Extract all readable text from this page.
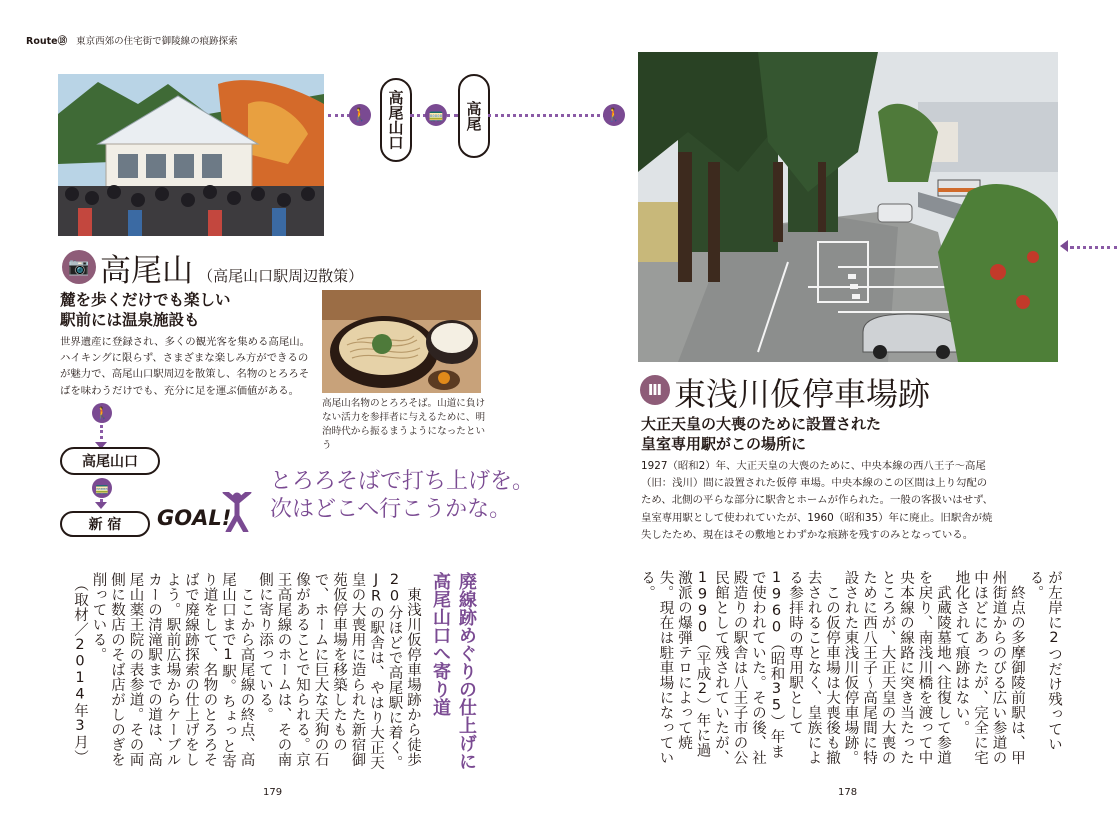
Route⑱ 東京西郊の住宅街で御陵線の痕跡探索
🚶 高尾山口 🚃 高尾	🚶
📷 高尾山 （高尾山口駅周辺散策）
麓を歩くだけでも楽しい
駅前には温泉施設も
世界遺産に登録され、多くの観光客を集める高尾山。ハイキングに限らず、さまざまな楽しみ方ができるのが魅力で、高尾山口駅周辺を散策し、名物のとろろそばを味わうだけでも、充分に足を運ぶ価値がある。
高尾山名物のとろろそば。山道に負けない活力を参拝者に与えるために、明治時代から振るまうようになったという
🚶
高尾山口
🚃
新 宿 GOAL!
とろろそばで打ち上げを。
次はどこへ行こうかな。
廃線跡めぐりの仕上げに
高尾山口へ寄り道

　東浅川仮停車場跡から徒歩20分ほどで高尾駅に着く。JRの駅舎は、やはり大正天皇の大喪用に造られた新宿御苑仮停車場を移築したもので、ホームに巨大な天狗の石像があることで知られる。京王高尾線のホームは、その南側に寄り添っている。

　ここから高尾線の終点、高尾山口まで1駅。ちょっと寄り道をして、名物のとろろそばで廃線跡探索の仕上げをしよう。駅前広場からケーブルカーの清滝駅までの道は、高尾山薬王院の表参道。その両側に数店のそば店がしのぎを削っている。

（取材／2014年3月）

179
Ⅲ 東浅川仮停車場跡
大正天皇の大喪のために設置された
皇室専用駅がこの場所に
1927（昭和2）年、大正天皇の大喪のために、中央本線の西八王子〜高尾（旧：浅川）間に設置された仮停 車場。中央本線のこの区間は上り勾配のため、北側の平らな部分に駅舎とホームが作られた。一般の客扱いはせず、皇室専用駅として使われていたが、1960（昭和35）年に廃止。旧駅舎が焼失したため、現在はその敷地とわずかな痕跡を残すのみとなっている。

が左岸に2つだけ残っている。

　終点の多摩御陵前駅は、甲州街道からのびる広い参道の中ほどにあったが、完全に宅地化されて痕跡はない。

　武蔵陵墓地へ往復して参道を戻り、南浅川橋を渡って中央本線の線路に突き当たったところが、大正天皇の大喪のために西八王子〜高尾間に特設された東浅川仮停車場跡。

　この仮停車場は大喪後も撤去されることなく、皇族による参拝時の専用駅として1960（昭和35）年まで使われていた。その後、社殿造りの駅舎は八王子市の公民館として残されていたが、1990（平成2）年に過激派の爆弾テロによって焼失。現在は駐車場になっている。

178
